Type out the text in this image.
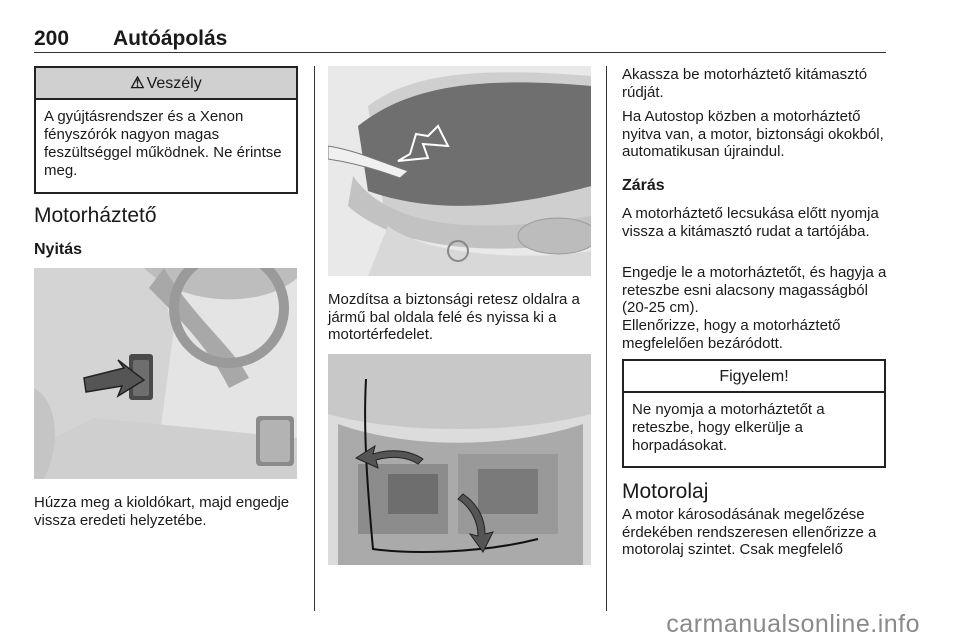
200 Autóápolás
⚠ Veszély
A gyújtásrendszer és a Xenon fényszórók nagyon magas feszültséggel működnek. Ne érintse meg.
Motorháztető
Nyitás
Húzza meg a kioldókart, majd engedje vissza eredeti helyzetébe.
Mozdítsa a biztonsági retesz oldalra a jármű bal oldala felé és nyissa ki a motortérfedelet.
Akassza be motorháztető kitámasztó rúdját.
Ha Autostop közben a motorháztető nyitva van, a motor, biztonsági okokból, automatikusan újraindul.
Zárás
A motorháztető lecsukása előtt nyomja vissza a kitámasztó rudat a tartójába.
Engedje le a motorháztetőt, és hagyja a reteszbe esni alacsony magasságból (20-25 cm).
Ellenőrizze, hogy a motorháztető megfelelően bezáródott.
Figyelem!
Ne nyomja a motorháztetőt a reteszbe, hogy elkerülje a horpadásokat.
Motorolaj
A motor károsodásának megelőzése érdekében rendszeresen ellenőrizze a motorolaj szintet. Csak megfelelő
carmanualsonline.info
